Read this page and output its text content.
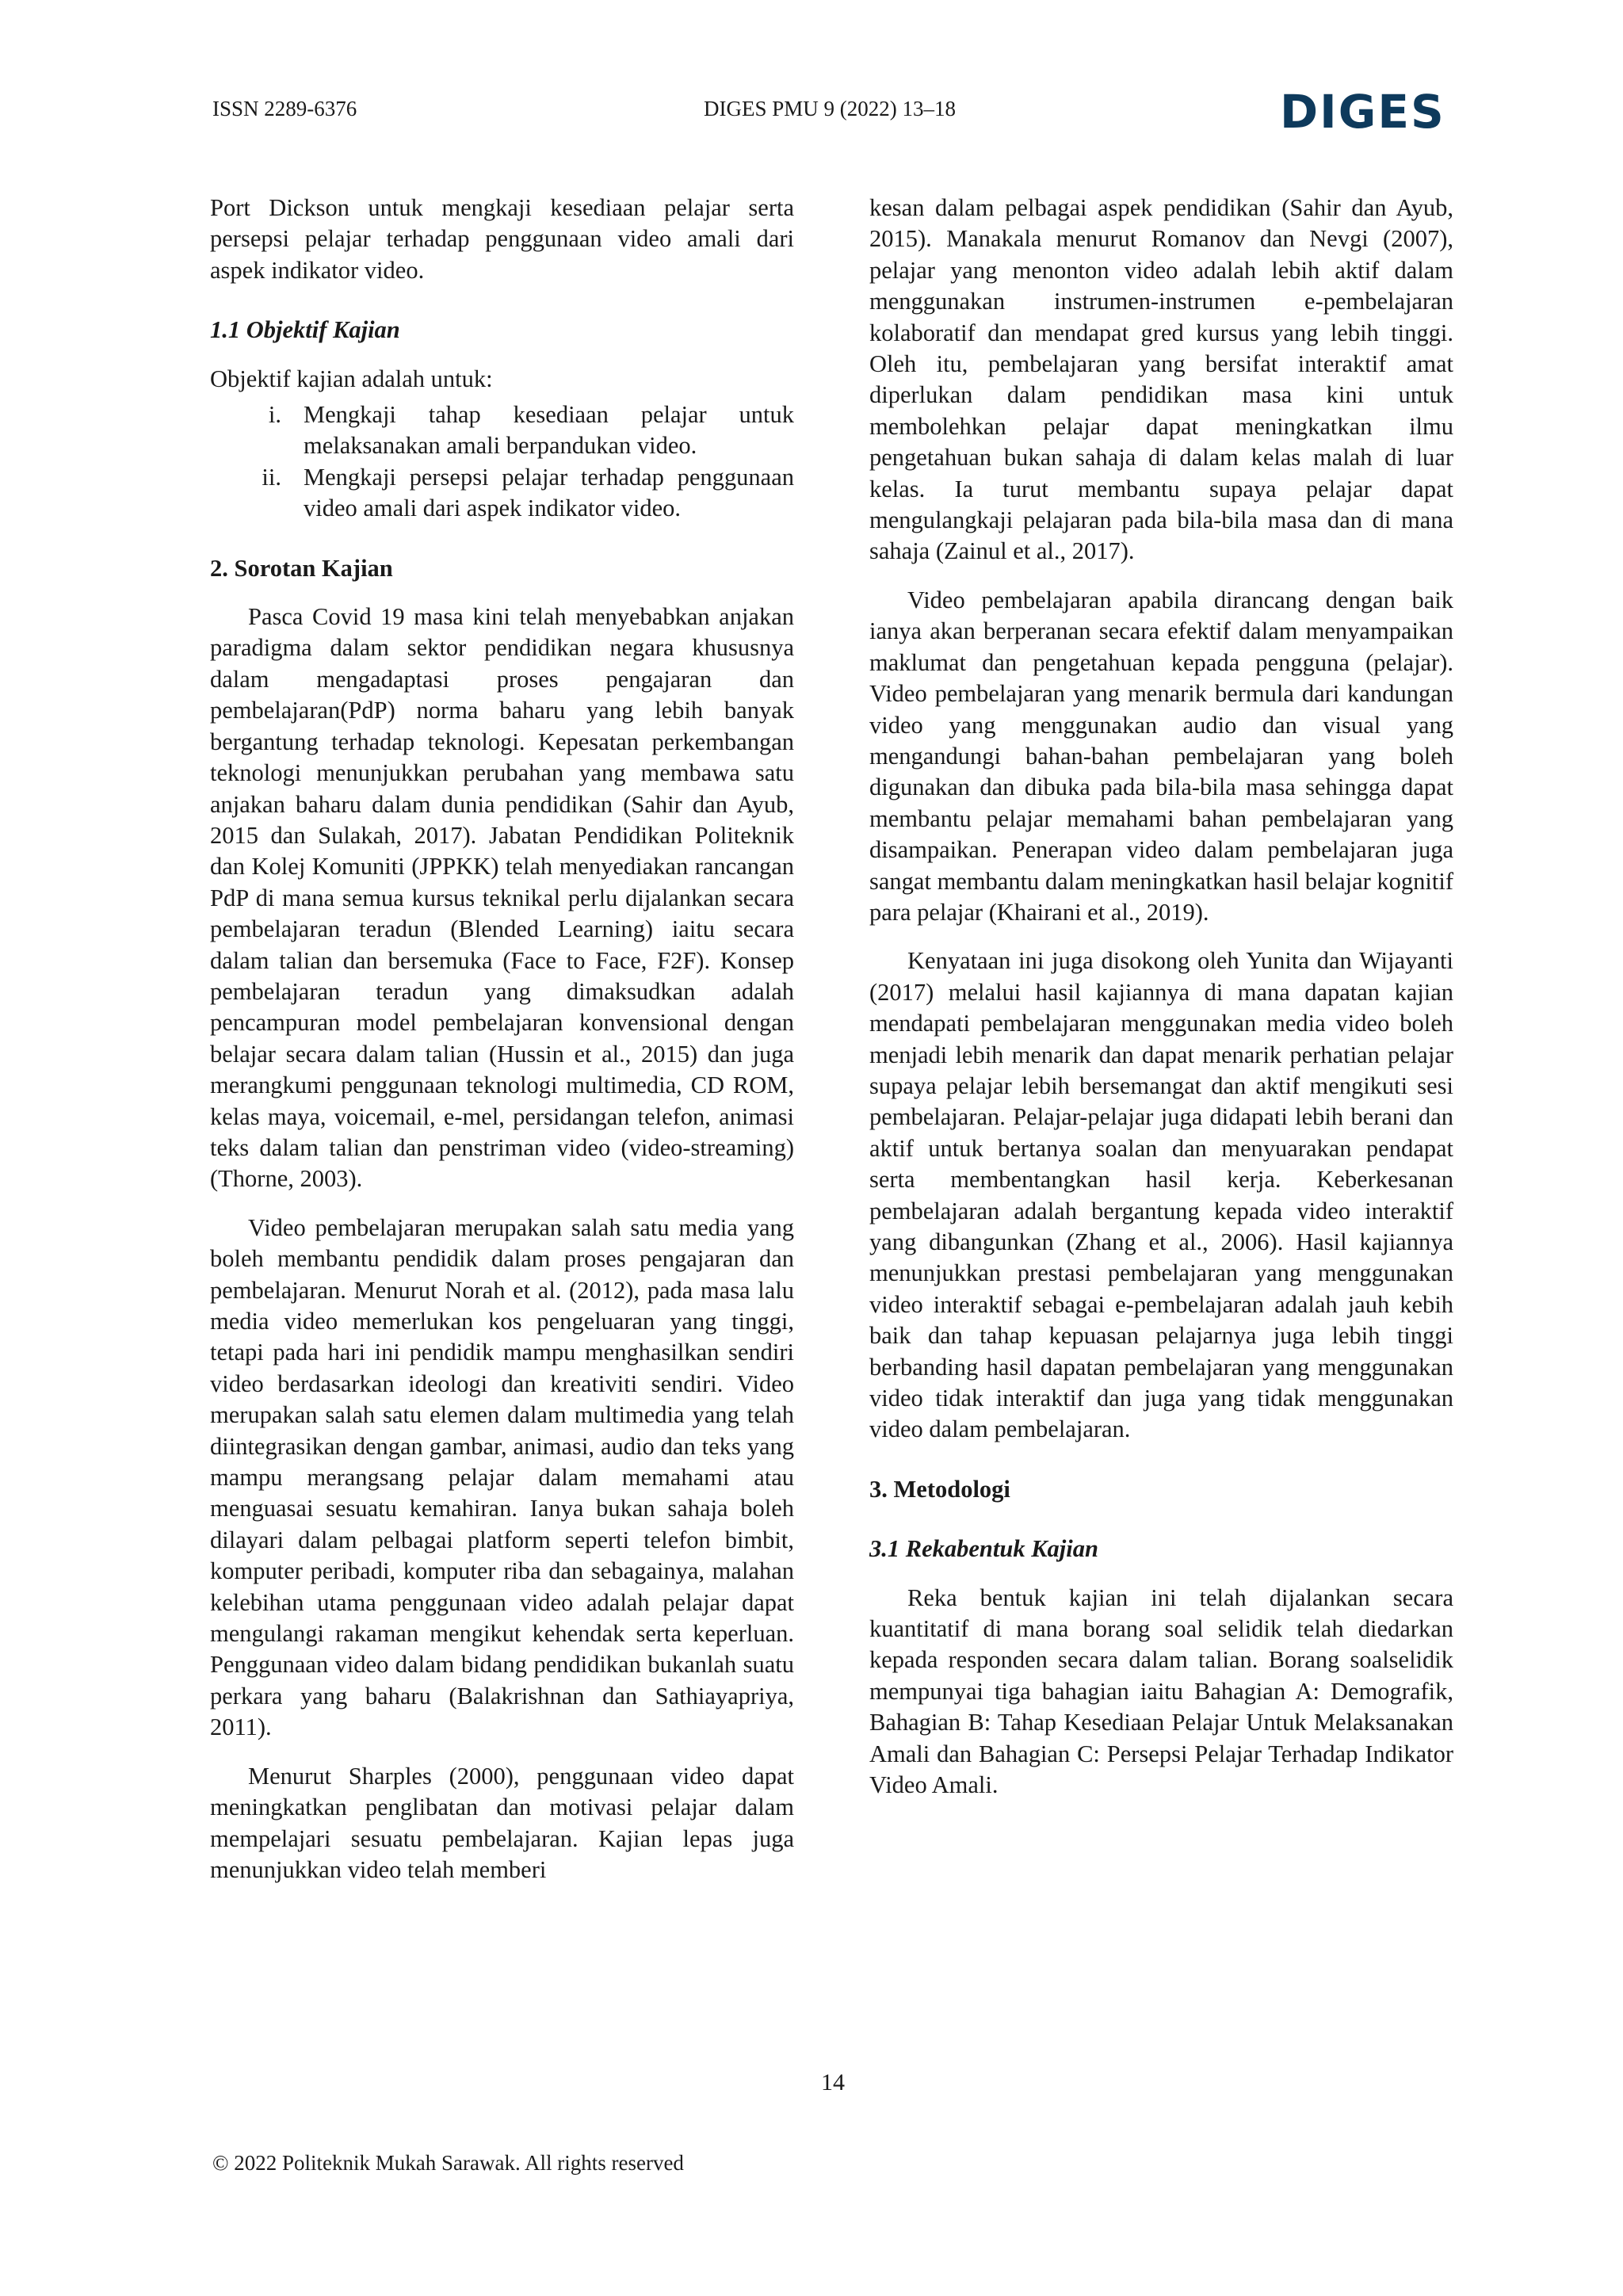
ISSN 2289-6376	DIGES PMU 9 (2022) 13–18	DIGES

Port Dickson untuk mengkaji kesediaan pelajar serta persepsi pelajar terhadap penggunaan video amali dari aspek indikator video.

1.1 Objektif Kajian

Objektif kajian adalah untuk:

i. Mengkaji tahap kesediaan pelajar untuk melaksanakan amali berpandukan video.
ii. Mengkaji persepsi pelajar terhadap penggunaan video amali dari aspek indikator video.

2. Sorotan Kajian

Pasca Covid 19 masa kini telah menyebabkan anjakan paradigma dalam sektor pendidikan negara khususnya dalam mengadaptasi proses pengajaran dan pembelajaran(PdP) norma baharu yang lebih banyak bergantung terhadap teknologi. Kepesatan perkembangan teknologi menunjukkan perubahan yang membawa satu anjakan baharu dalam dunia pendidikan (Sahir dan Ayub, 2015 dan Sulakah, 2017). Jabatan Pendidikan Politeknik dan Kolej Komuniti (JPPKK) telah menyediakan rancangan PdP di mana semua kursus teknikal perlu dijalankan secara pembelajaran teradun (Blended Learning) iaitu secara dalam talian dan bersemuka (Face to Face, F2F). Konsep pembelajaran teradun yang dimaksudkan adalah pencampuran model pembelajaran konvensional dengan belajar secara dalam talian (Hussin et al., 2015) dan juga merangkumi penggunaan teknologi multimedia, CD ROM, kelas maya, voicemail, e-mel, persidangan telefon, animasi teks dalam talian dan penstriman video (video-streaming) (Thorne, 2003).

Video pembelajaran merupakan salah satu media yang boleh membantu pendidik dalam proses pengajaran dan pembelajaran. Menurut Norah et al. (2012), pada masa lalu media video memerlukan kos pengeluaran yang tinggi, tetapi pada hari ini pendidik mampu menghasilkan sendiri video berdasarkan ideologi dan kreativiti sendiri. Video merupakan salah satu elemen dalam multimedia yang telah diintegrasikan dengan gambar, animasi, audio dan teks yang mampu merangsang pelajar dalam memahami atau menguasai sesuatu kemahiran. Ianya bukan sahaja boleh dilayari dalam pelbagai platform seperti telefon bimbit, komputer peribadi, komputer riba dan sebagainya, malahan kelebihan utama penggunaan video adalah pelajar dapat mengulangi rakaman mengikut kehendak serta keperluan. Penggunaan video dalam bidang pendidikan bukanlah suatu perkara yang baharu (Balakrishnan dan Sathiayapriya, 2011).

Menurut Sharples (2000), penggunaan video dapat meningkatkan penglibatan dan motivasi pelajar dalam mempelajari sesuatu pembelajaran. Kajian lepas juga menunjukkan video telah memberi

kesan dalam pelbagai aspek pendidikan (Sahir dan Ayub, 2015). Manakala menurut Romanov dan Nevgi (2007), pelajar yang menonton video adalah lebih aktif dalam menggunakan instrumen-instrumen e-pembelajaran kolaboratif dan mendapat gred kursus yang lebih tinggi. Oleh itu, pembelajaran yang bersifat interaktif amat diperlukan dalam pendidikan masa kini untuk membolehkan pelajar dapat meningkatkan ilmu pengetahuan bukan sahaja di dalam kelas malah di luar kelas. Ia turut membantu supaya pelajar dapat mengulangkaji pelajaran pada bila-bila masa dan di mana sahaja (Zainul et al., 2017).

Video pembelajaran apabila dirancang dengan baik ianya akan berperanan secara efektif dalam menyampaikan maklumat dan pengetahuan kepada pengguna (pelajar). Video pembelajaran yang menarik bermula dari kandungan video yang menggunakan audio dan visual yang mengandungi bahan-bahan pembelajaran yang boleh digunakan dan dibuka pada bila-bila masa sehingga dapat membantu pelajar memahami bahan pembelajaran yang disampaikan. Penerapan video dalam pembelajaran juga sangat membantu dalam meningkatkan hasil belajar kognitif para pelajar (Khairani et al., 2019).

Kenyataan ini juga disokong oleh Yunita dan Wijayanti (2017) melalui hasil kajiannya di mana dapatan kajian mendapati pembelajaran menggunakan media video boleh menjadi lebih menarik dan dapat menarik perhatian pelajar supaya pelajar lebih bersemangat dan aktif mengikuti sesi pembelajaran. Pelajar-pelajar juga didapati lebih berani dan aktif untuk bertanya soalan dan menyuarakan pendapat serta membentangkan hasil kerja. Keberkesanan pembelajaran adalah bergantung kepada video interaktif yang dibangunkan (Zhang et al., 2006). Hasil kajiannya menunjukkan prestasi pembelajaran yang menggunakan video interaktif sebagai e-pembelajaran adalah jauh kebih baik dan tahap kepuasan pelajarnya juga lebih tinggi berbanding hasil dapatan pembelajaran yang menggunakan video tidak interaktif dan juga yang tidak menggunakan video dalam pembelajaran.

3. Metodologi

3.1 Rekabentuk Kajian

Reka bentuk kajian ini telah dijalankan secara kuantitatif di mana borang soal selidik telah diedarkan kepada responden secara dalam talian. Borang soalselidik mempunyai tiga bahagian iaitu Bahagian A: Demografik, Bahagian B: Tahap Kesediaan Pelajar Untuk Melaksanakan Amali dan Bahagian C: Persepsi Pelajar Terhadap Indikator Video Amali.

14
© 2022 Politeknik Mukah Sarawak. All rights reserved
